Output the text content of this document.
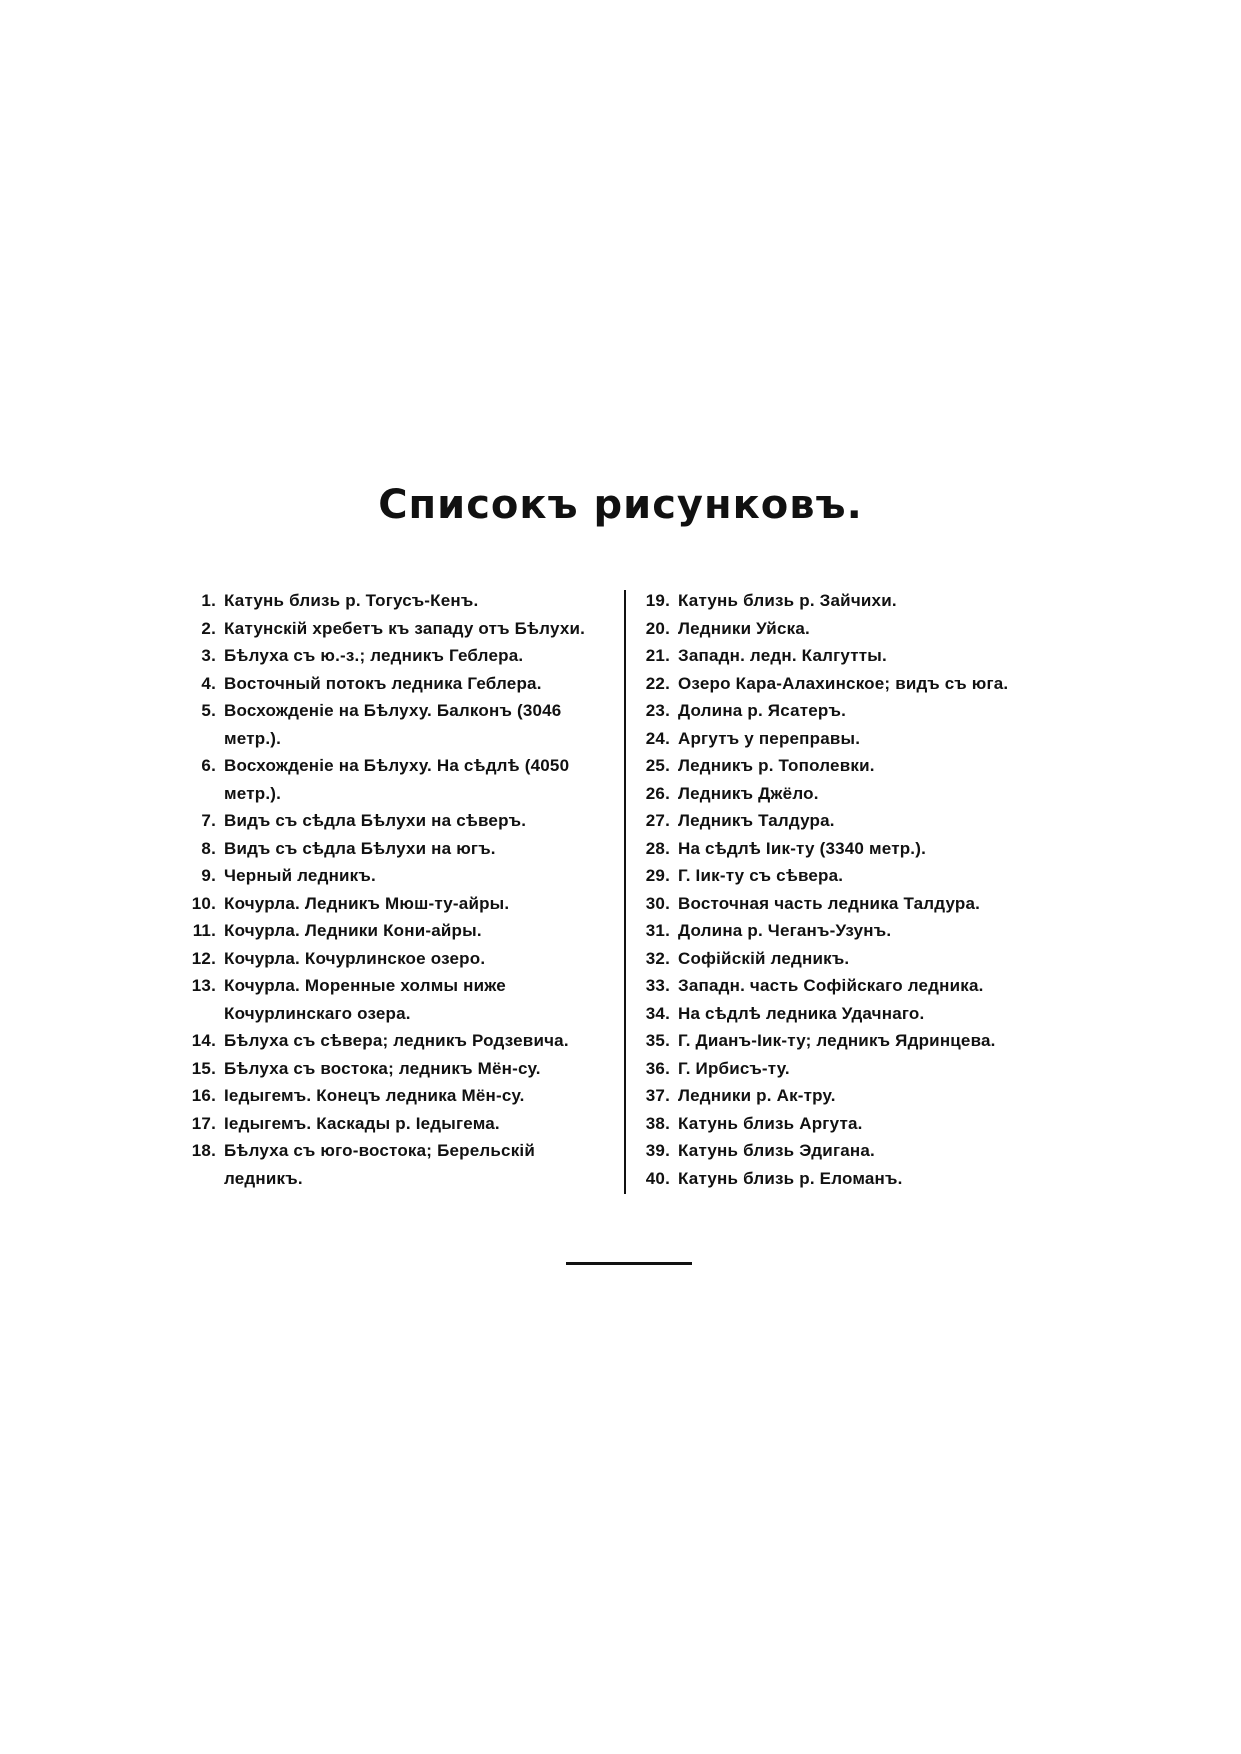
Списокъ рисунковъ.
1. Катунь близь р. Тогусъ-Кенъ.
2. Катунскій хребетъ къ западу отъ Бѣлухи.
3. Бѣлуха съ ю.-з.; ледникъ Геблера.
4. Восточный потокъ ледника Геблера.
5. Восхожденіе на Бѣлуху. Балконъ (3046 метр.).
6. Восхожденіе на Бѣлуху. На сѣдлѣ (4050 метр.).
7. Видъ съ сѣдла Бѣлухи на сѣверъ.
8. Видъ съ сѣдла Бѣлухи на югъ.
9. Черный ледникъ.
10. Кочурла. Ледникъ Мюш-ту-айры.
11. Кочурла. Ледники Кони-айры.
12. Кочурла. Кочурлинское озеро.
13. Кочурла. Моренные холмы ниже Кочурлинскаго озера.
14. Бѣлуха съ сѣвера; ледникъ Родзевича.
15. Бѣлуха съ востока; ледникъ Мён-су.
16. Іедыгемъ. Конецъ ледника Мён-су.
17. Іедыгемъ. Каскады р. Іедыгема.
18. Бѣлуха съ юго-востока; Берельскій ледникъ.
19. Катунь близь р. Зайчихи.
20. Ледники Уйска.
21. Западн. ледн. Калгутты.
22. Озеро Кара-Алахинское; видъ съ юга.
23. Долина р. Ясатеръ.
24. Аргутъ у переправы.
25. Ледникъ р. Тополевки.
26. Ледникъ Джёло.
27. Ледникъ Талдура.
28. На сѣдлѣ Іик-ту (3340 метр.).
29. Г. Іик-ту съ сѣвера.
30. Восточная часть ледника Талдура.
31. Долина р. Чеганъ-Узунъ.
32. Софійскій ледникъ.
33. Западн. часть Софійскаго ледника.
34. На сѣдлѣ ледника Удачнаго.
35. Г. Дианъ-Іик-ту; ледникъ Ядринцева.
36. Г. Ирбисъ-ту.
37. Ледники р. Ак-тру.
38. Катунь близь Аргута.
39. Катунь близь Эдигана.
40. Катунь близь р. Еломанъ.
